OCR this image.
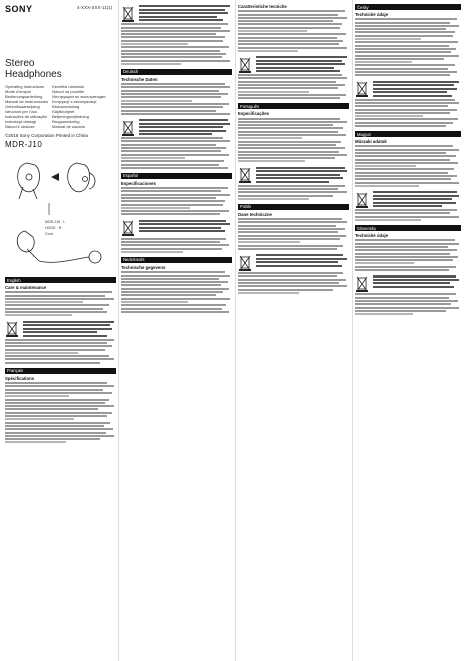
SONY	4-XXX-XXX-11(1)
Stereo
Headphones
Operating Instructions
Mode d'emploi
Bedienungsanleitung
Manual de instrucciones
Gebruiksaanwijzing
Istruzioni per l'uso
Instruções de utilização
Instrukcja obsługi
Návod k obsluze
Kezelési útmutató
Návod na použitie
Инструкция по эксплуатации
Інструкції з експлуатації
Bruksanvisning
Käyttöohjeet
Betjeningsvejledning
Brugsanvisning
Manual de usuario
©2016 Sony Corporation Printed in China
MDR-J10
MDR-J10 · L
HOOK · R
Cord
English
Care & maintenance
Français
Spécifications
Deutsch
Technische Daten
Español
Especificaciones
Nederlands
Technische gegevens
Caratteristiche tecniche
Português
Especificações
Polski
Dane techniczne
Česky
Technické údaje
Magyar
Műszaki adatok
Slovensky
Technické údaje
